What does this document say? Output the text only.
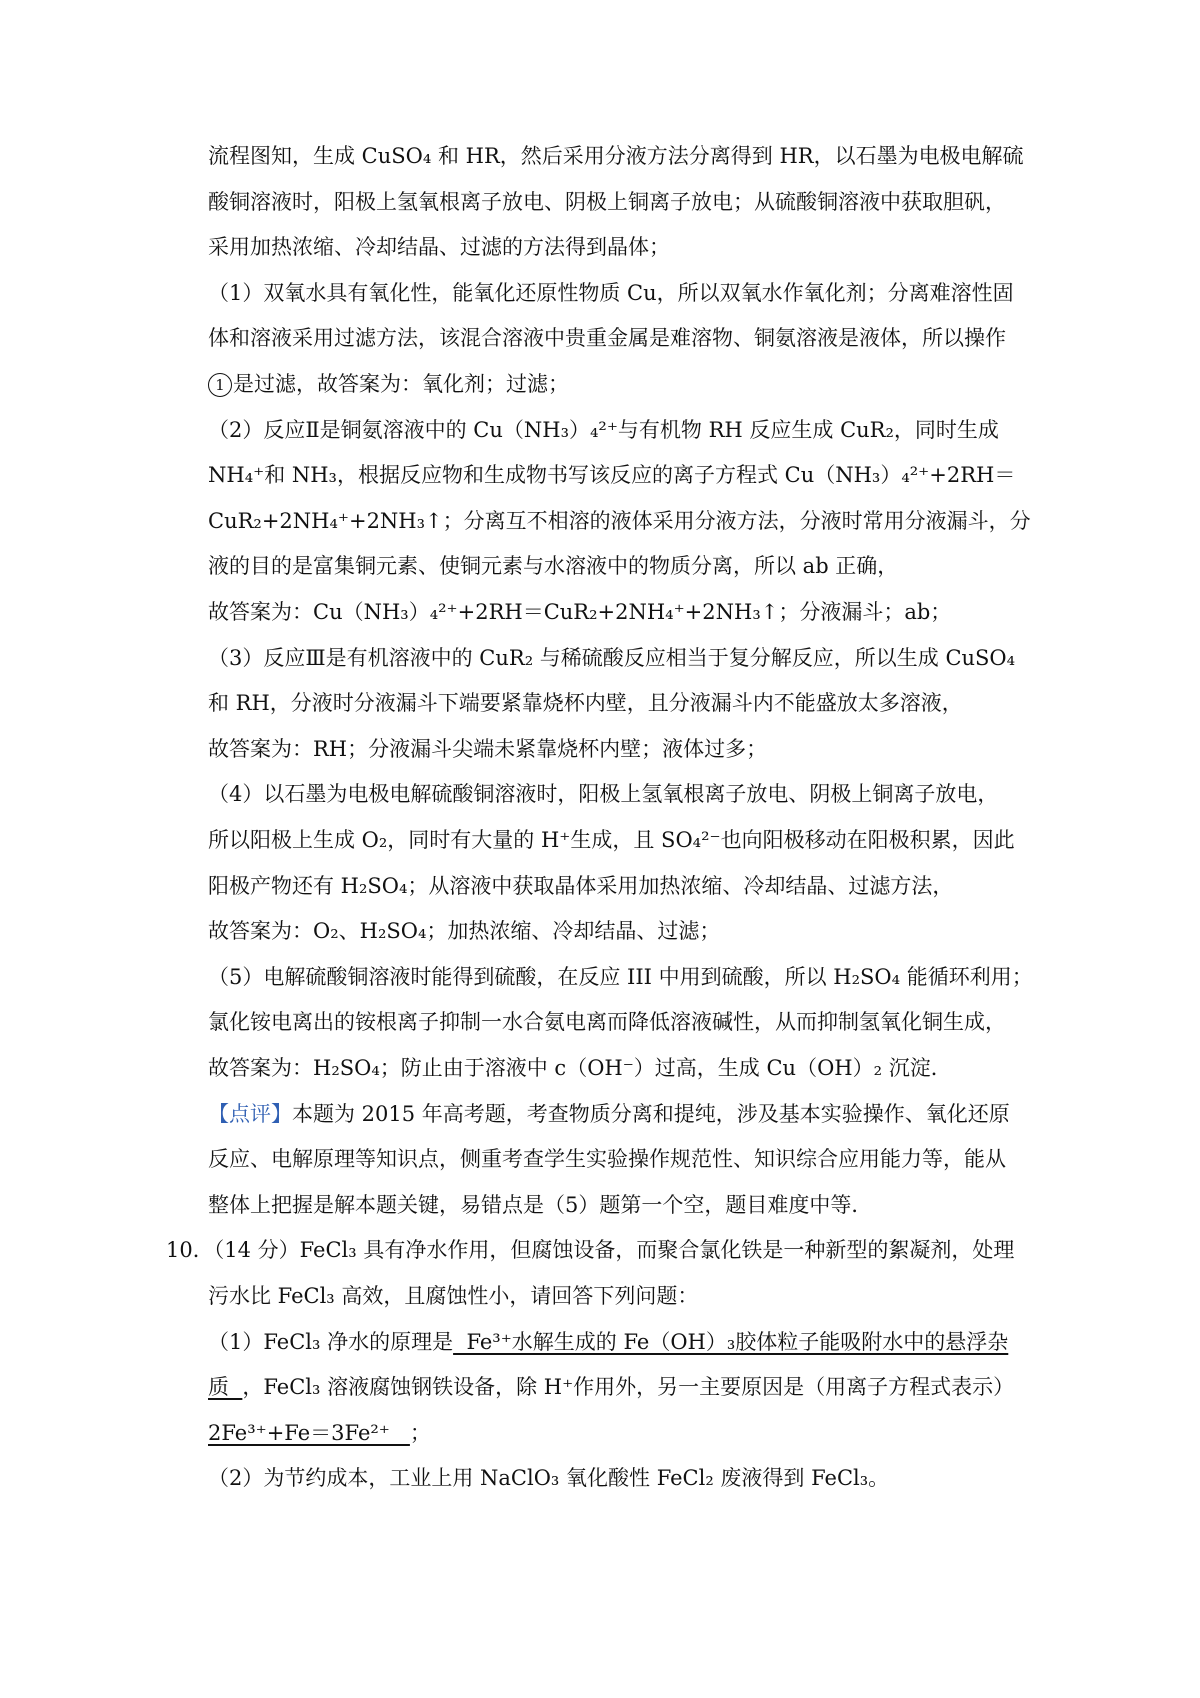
流程图知，生成 CuSO₄ 和 HR，然后采用分液方法分离得到 HR，以石墨为电极电解硫
酸铜溶液时，阳极上氢氧根离子放电、阴极上铜离子放电；从硫酸铜溶液中获取胆矾，
采用加热浓缩、冷却结晶、过滤的方法得到晶体；
（1）双氧水具有氧化性，能氧化还原性物质 Cu，所以双氧水作氧化剂；分离难溶性固
体和溶液采用过滤方法，该混合溶液中贵重金属是难溶物、铜氨溶液是液体，所以操作
1 是过滤，故答案为：氧化剂；过滤；
（2）反应Ⅱ是铜氨溶液中的 Cu（NH₃）₄²⁺与有机物 RH 反应生成 CuR₂，同时生成
NH₄⁺和 NH₃，根据反应物和生成物书写该反应的离子方程式 Cu（NH₃）₄²⁺+2RH＝
CuR₂+2NH₄⁺+2NH₃↑；分离互不相溶的液体采用分液方法，分液时常用分液漏斗，分
液的目的是富集铜元素、使铜元素与水溶液中的物质分离，所以 ab 正确，
故答案为：Cu（NH₃）₄²⁺+2RH＝CuR₂+2NH₄⁺+2NH₃↑；分液漏斗；ab；
（3）反应Ⅲ是有机溶液中的 CuR₂ 与稀硫酸反应相当于复分解反应，所以生成 CuSO₄
和 RH，分液时分液漏斗下端要紧靠烧杯内壁，且分液漏斗内不能盛放太多溶液，
故答案为：RH；分液漏斗尖端未紧靠烧杯内壁；液体过多；
（4）以石墨为电极电解硫酸铜溶液时，阳极上氢氧根离子放电、阴极上铜离子放电，
所以阳极上生成 O₂，同时有大量的 H⁺生成，且 SO₄²⁻也向阳极移动在阳极积累，因此
阳极产物还有 H₂SO₄；从溶液中获取晶体采用加热浓缩、冷却结晶、过滤方法，
故答案为：O₂、H₂SO₄；加热浓缩、冷却结晶、过滤；
（5）电解硫酸铜溶液时能得到硫酸，在反应 III 中用到硫酸，所以 H₂SO₄ 能循环利用；
氯化铵电离出的铵根离子抑制一水合氨电离而降低溶液碱性，从而抑制氢氧化铜生成，
故答案为：H₂SO₄；防止由于溶液中 c（OH⁻）过高，生成 Cu（OH）₂ 沉淀．
【点评】本题为 2015 年高考题，考查物质分离和提纯，涉及基本实验操作、氧化还原
反应、电解原理等知识点，侧重考查学生实验操作规范性、知识综合应用能力等，能从
整体上把握是解本题关键，易错点是（5）题第一个空，题目难度中等．
10．（14 分）FeCl₃ 具有净水作用，但腐蚀设备，而聚合氯化铁是一种新型的絮凝剂，处理
污水比 FeCl₃ 高效，且腐蚀性小，请回答下列问题：
（1）FeCl₃ 净水的原理是  Fe³⁺水解生成的 Fe（OH）₃胶体粒子能吸附水中的悬浮杂
质  ，FeCl₃ 溶液腐蚀钢铁设备，除 H⁺作用外，另一主要原因是（用离子方程式表示）
2Fe³⁺+Fe＝3Fe²⁺   ；
（2）为节约成本，工业上用 NaClO₃ 氧化酸性 FeCl₂ 废液得到 FeCl₃。
